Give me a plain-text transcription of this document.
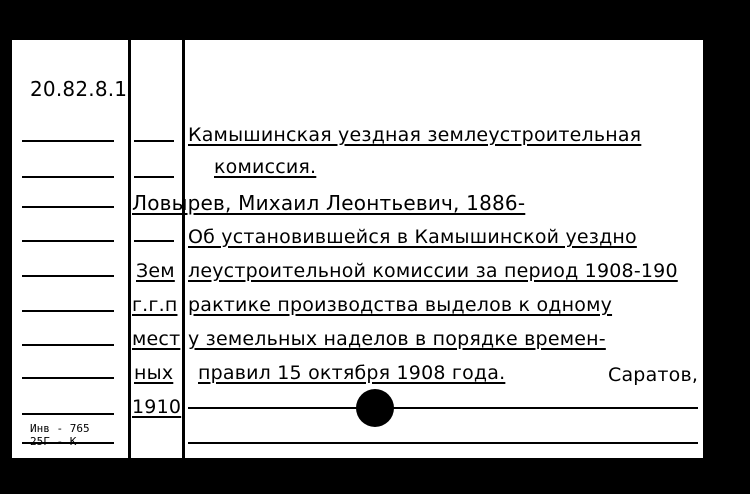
20.82.8.1
Камышинская уездная землеустроительная
комиссия.
Ловырев, Михаил Леонтьевич, 1886-
Об установившейся в Камышинской уездно
Зем леустроительной комиссии за период 1908-190
г.г.п рактике производства выделов к одному
мест у земельных наделов в порядке времен-
ных правил 15 октября 1908 года.	Саратов,
1910
Инв - 765
25Г - К
